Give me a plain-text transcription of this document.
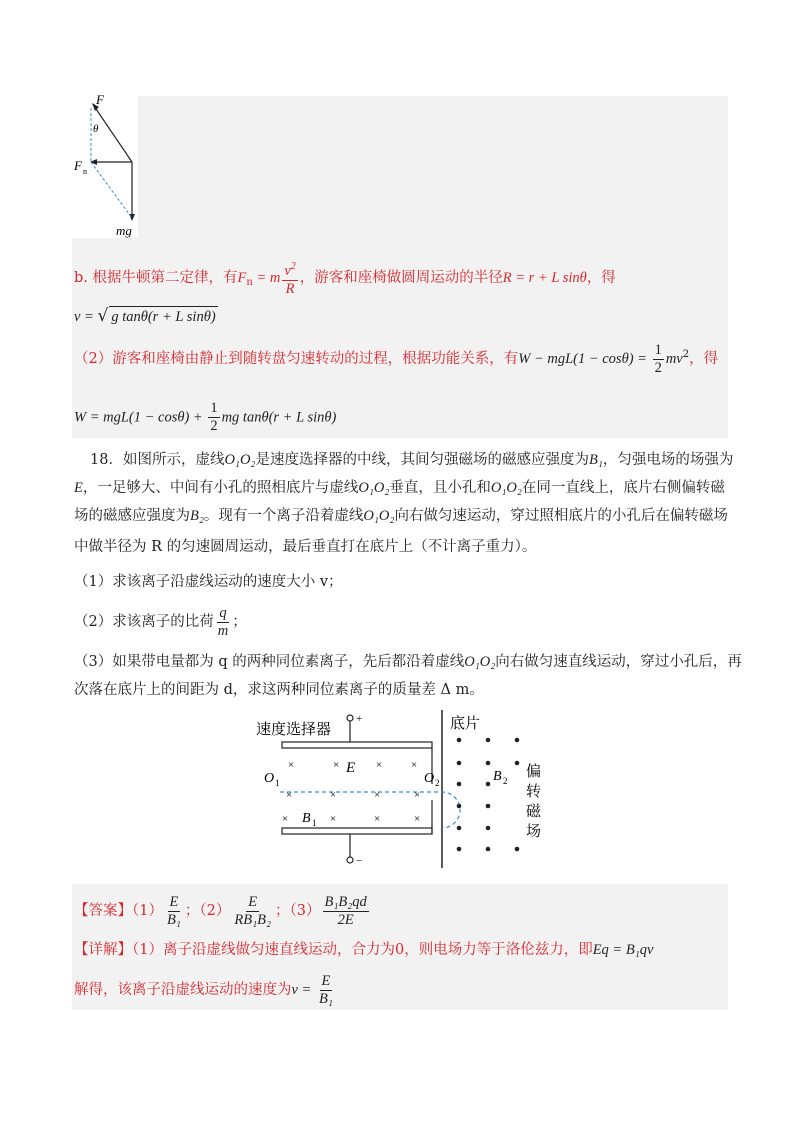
F
θ
F n
mg
b. 根据牛顿第二定律，有$F_n = m \frac{v^2}{R}$ ，游客和座椅做圆周运动的半径R = r + L sinθ，得
v = √ g tanθ(r + L sinθ)
（2）游客和座椅由静止到随转盘匀速转动的过程，根据功能关系，有$W - mgL(1 - \cos\theta) = \frac{1}{2} mv^2$，得
$W = mgL(1 - \cos\theta) + \frac{1}{2}$ mg tanθ(r + L sinθ)
18．如图所示，虚线O₁O₂是速度选择器的中线，其间匀强磁场的磁感应强度为B₁，匀强电场的场强为
E，一足够大、中间有小孔的照相底片与虚线O₁O₂垂直，且小孔和O₁O₂在同一直线上，底片右侧偏转磁
场的磁感应强度为B₂。现有一个离子沿着虚线O₁O₂向右做匀速运动，穿过照相底片的小孔后在偏转磁场
中做半径为 R 的匀速圆周运动，最后垂直打在底片上（不计离子重力）。
（1）求该离子沿虚线运动的速度大小 v；
（2）求该离子的比荷 $\frac{q}{m}$ ；
（3）如果带电量都为 q 的两种同位素离子，先后都沿着虚线O₁O₂向右做匀速直线运动，穿过小孔后，再
次落在底片上的间距为 d，求这两种同位素离子的质量差 Δ m。
速度选择器	底片
+
−
×	×	×	×
E
O 1	O 2
×	×	×	×
× B 1 ×	×	×
B 2
偏
转
磁
场
【答案】$(1) \frac{E}{\text{B₁}}$ ；$(2) \frac{E}{\text{RB₁B₂}}$ ；$(3) \frac{\text{B₁B₂qd}}{2E}$
【详解】（1）离子沿虚线做匀速直线运动，合力为0，则电场力等于洛伦兹力，即Eq = B₁qv
解得，该离子沿虚线运动的速度为$v = \frac{E}{\text{B₁}}$
